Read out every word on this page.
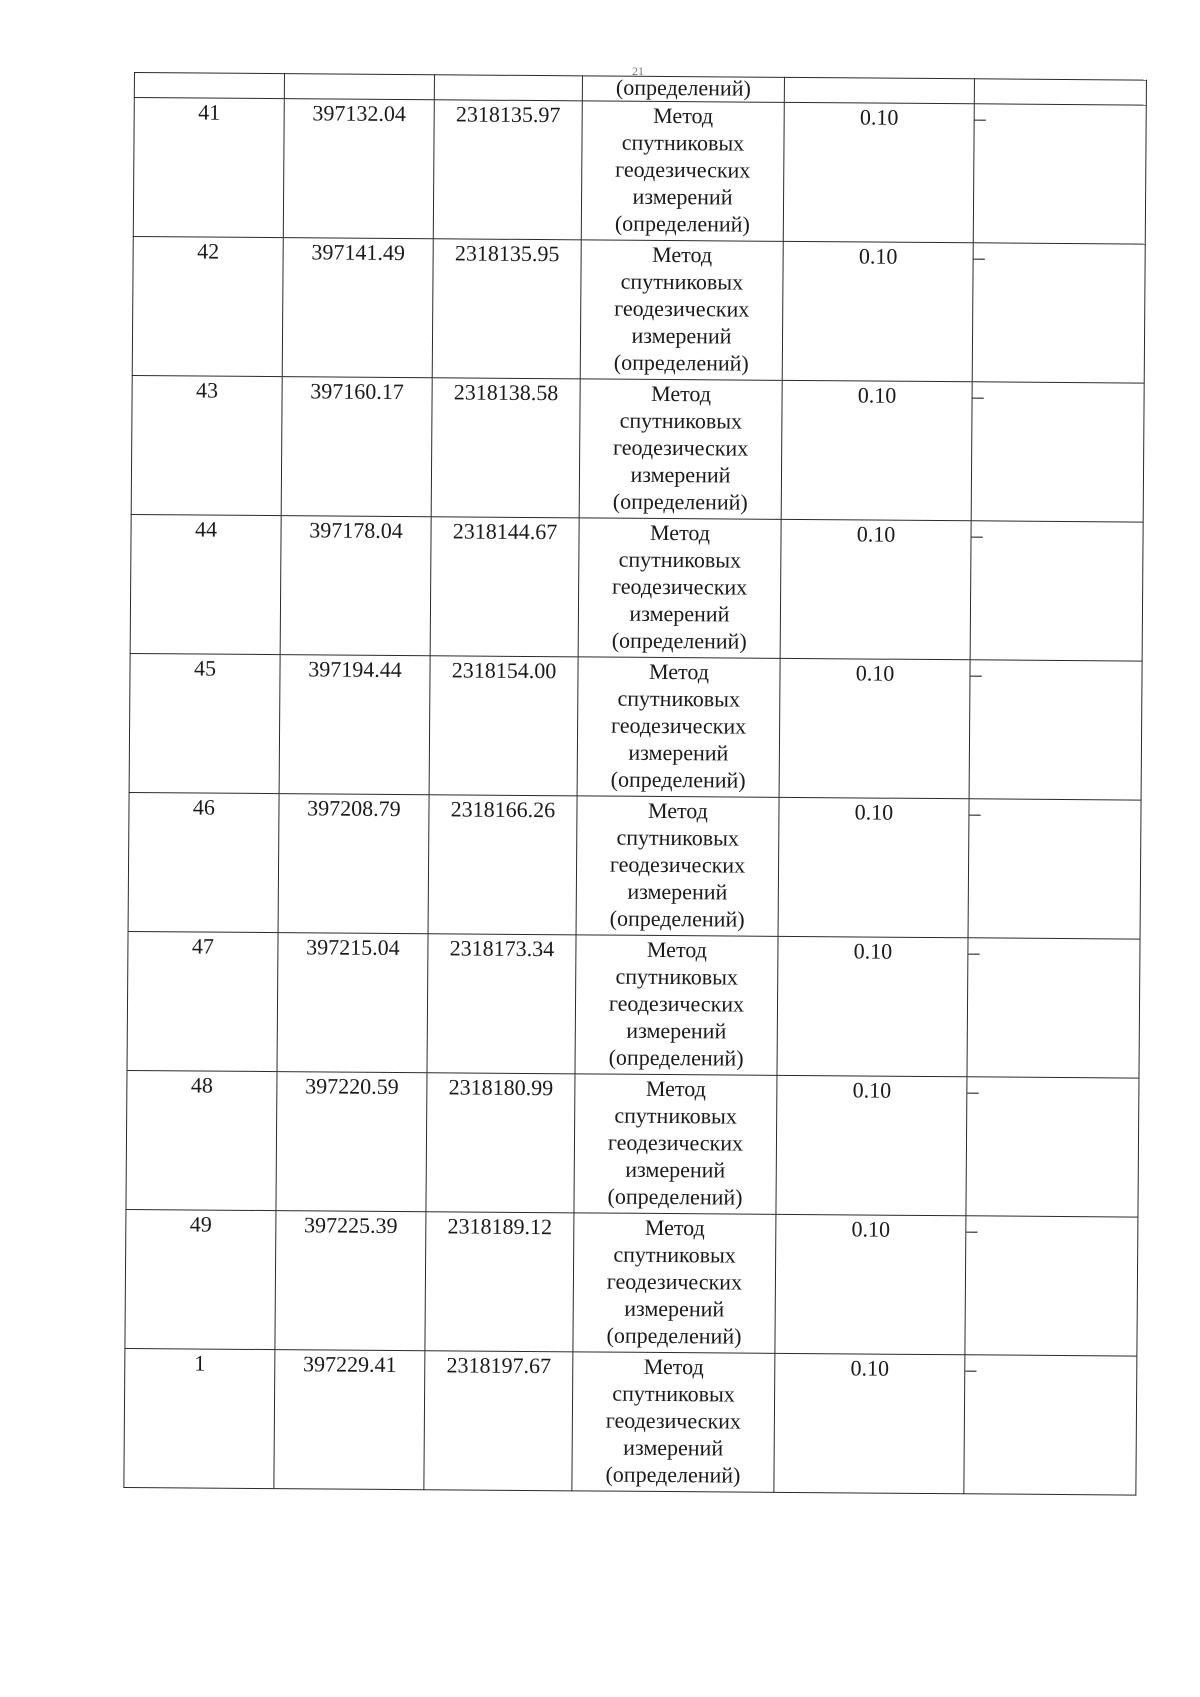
21
			(определений)		
41	397132.04	2318135.97	Метод
спутниковых
геодезических
измерений
(определений)	0.10	–
42	397141.49	2318135.95	Метод
спутниковых
геодезических
измерений
(определений)	0.10	–
43	397160.17	2318138.58	Метод
спутниковых
геодезических
измерений
(определений)	0.10	–
44	397178.04	2318144.67	Метод
спутниковых
геодезических
измерений
(определений)	0.10	–
45	397194.44	2318154.00	Метод
спутниковых
геодезических
измерений
(определений)	0.10	–
46	397208.79	2318166.26	Метод
спутниковых
геодезических
измерений
(определений)	0.10	–
47	397215.04	2318173.34	Метод
спутниковых
геодезических
измерений
(определений)	0.10	–
48	397220.59	2318180.99	Метод
спутниковых
геодезических
измерений
(определений)	0.10	–
49	397225.39	2318189.12	Метод
спутниковых
геодезических
измерений
(определений)	0.10	–
1	397229.41	2318197.67	Метод
спутниковых
геодезических
измерений
(определений)	0.10	–
